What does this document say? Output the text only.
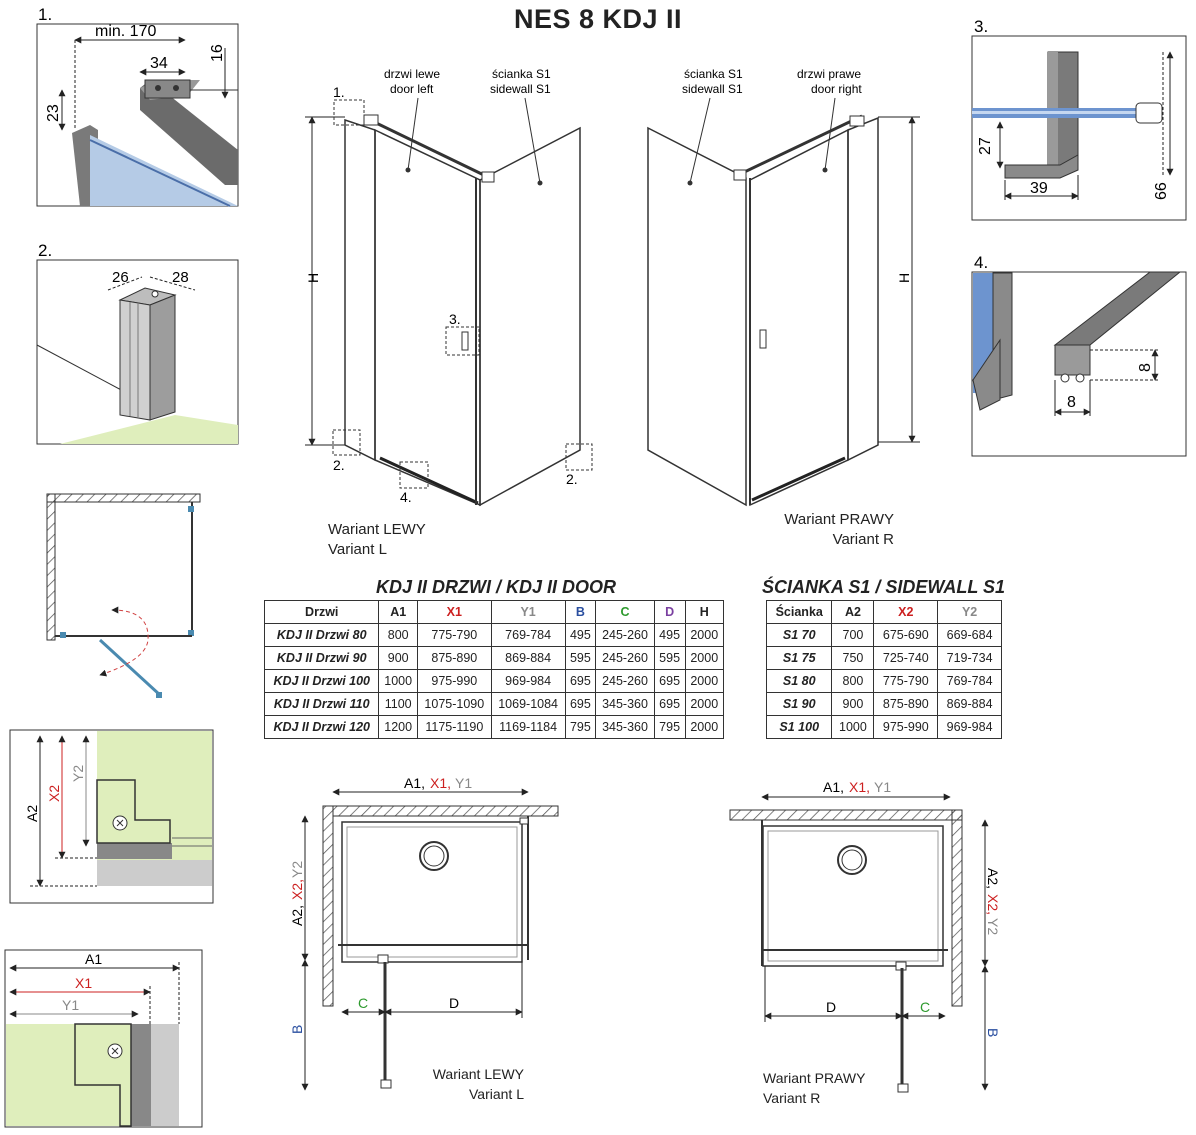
NES 8 KDJ II
1.
min. 170
34
16
23
2.
26	28
A2
X2
Y2
A1
X1
Y1
H
1.
2.
3.
4.
2.
drzwi lewe
door left
ścianka S1
sidewall S1
H
ścianka S1
sidewall S1
drzwi prawe
door right
3.
66
27
39
4.
8
8
A1, X1, Y1
A2,
X2,
Y2
B
C	D
A1, X1, Y1
A2,
X2,
Y2
B
D	C
Wariant LEWY
Variant L
Wariant PRAWY
Variant R
Wariant LEWY
Variant L
Wariant PRAWY
Variant R
KDJ II DRZWI / KDJ II DOOR
Drzwi	A1	X1	Y1	B	C	D	H
KDJ II Drzwi 80	800	775-790	769-784	495	245-260	495	2000
KDJ II Drzwi 90	900	875-890	869-884	595	245-260	595	2000
KDJ II Drzwi 100	1000	975-990	969-984	695	245-260	695	2000
KDJ II Drzwi 110	1100	1075-1090	1069-1084	695	345-360	695	2000
KDJ II Drzwi 120	1200	1175-1190	1169-1184	795	345-360	795	2000
ŚCIANKA S1 / SIDEWALL S1
Ścianka	A2	X2	Y2
S1 70	700	675-690	669-684
S1 75	750	725-740	719-734
S1 80	800	775-790	769-784
S1 90	900	875-890	869-884
S1 100	1000	975-990	969-984
